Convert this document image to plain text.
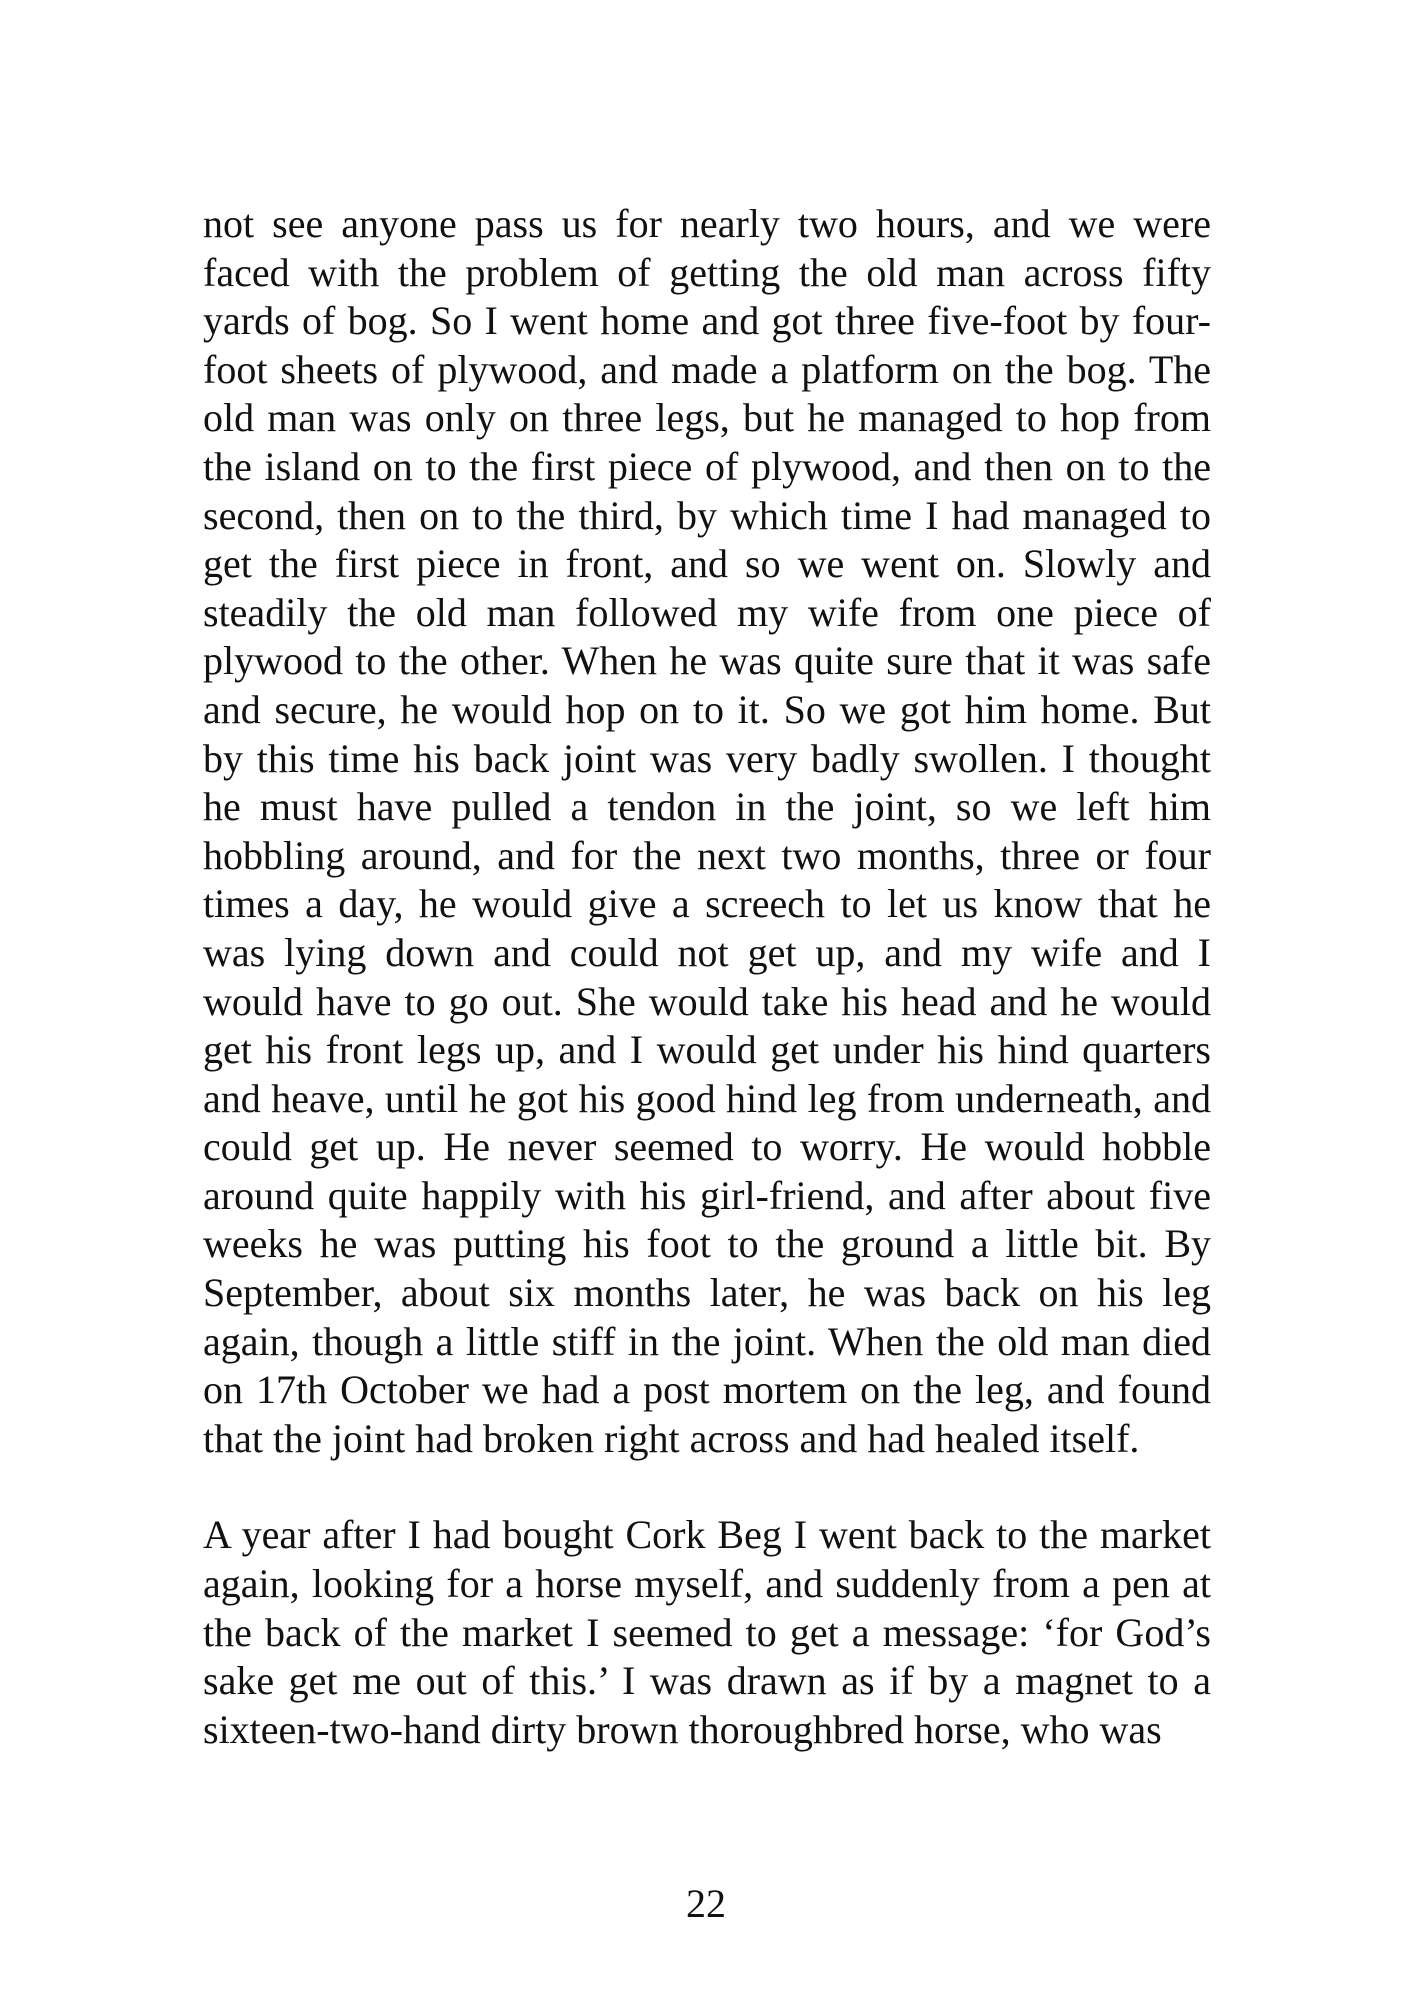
not see anyone pass us for nearly two hours, and we were faced with the problem of getting the old man across fifty yards of bog. So I went home and got three five-foot by four-foot sheets of plywood, and made a platform on the bog. The old man was only on three legs, but he managed to hop from the island on to the first piece of plywood, and then on to the second, then on to the third, by which time I had managed to get the first piece in front, and so we went on. Slowly and steadily the old man followed my wife from one piece of plywood to the other. When he was quite sure that it was safe and secure, he would hop on to it. So we got him home. But by this time his back joint was very badly swollen. I thought he must have pulled a tendon in the joint, so we left him hobbling around, and for the next two months, three or four times a day, he would give a screech to let us know that he was lying down and could not get up, and my wife and I would have to go out. She would take his head and he would get his front legs up, and I would get under his hind quarters and heave, until he got his good hind leg from underneath, and could get up. He never seemed to worry. He would hobble around quite happily with his girl-friend, and after about five weeks he was putting his foot to the ground a little bit. By September, about six months later, he was back on his leg again, though a little stiff in the joint. When the old man died on 17th October we had a post mortem on the leg, and found that the joint had broken right across and had healed itself.

A year after I had bought Cork Beg I went back to the market again, looking for a horse myself, and suddenly from a pen at the back of the market I seemed to get a message: ‘for God’s sake get me out of this.’ I was drawn as if by a magnet to a sixteen-two-hand dirty brown thoroughbred horse, who was

22
